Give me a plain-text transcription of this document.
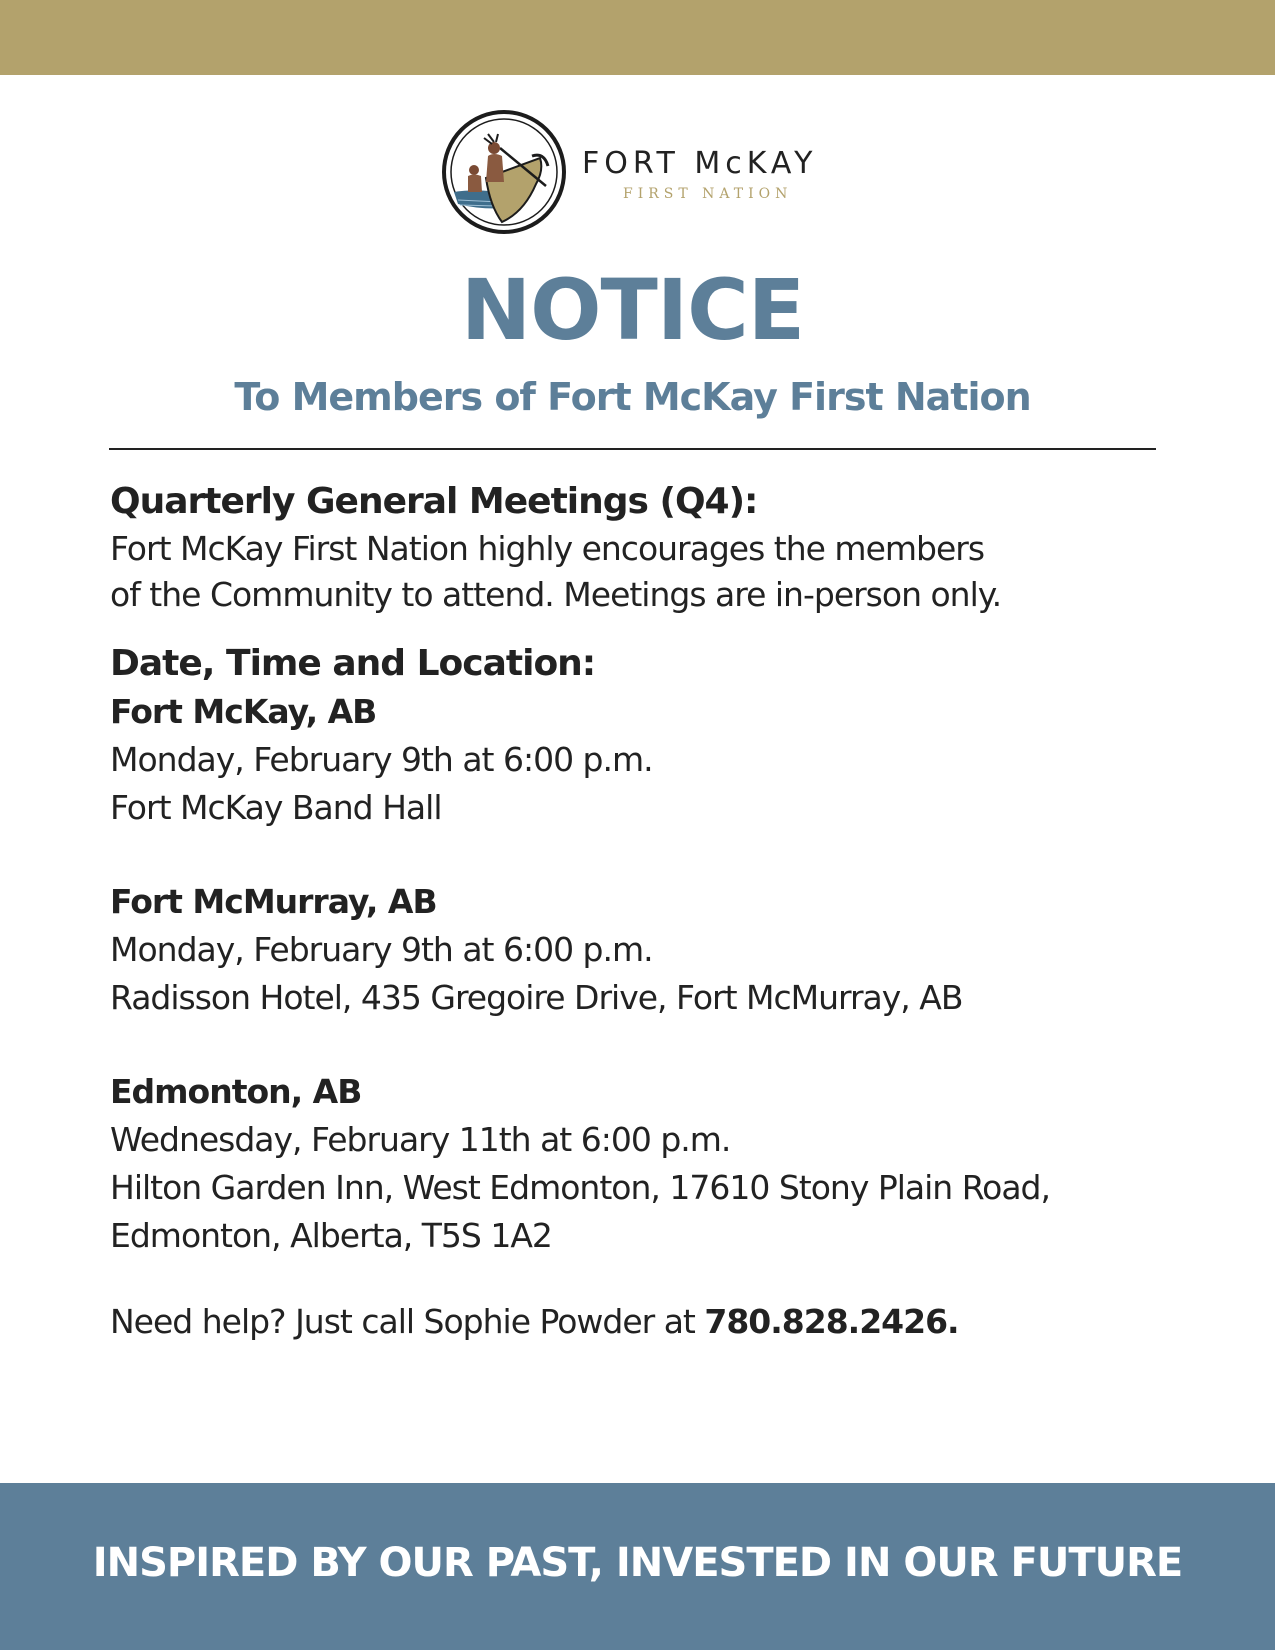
FORT McKAY
FIRST NATION
NOTICE
To Members of Fort McKay First Nation

Quarterly General Meetings (Q4):

Fort McKay First Nation highly encourages the members

of the Community to attend. Meetings are in-person only.

Date, Time and Location:

Fort McKay, AB

Monday, February 9th at 6:00 p.m.

Fort McKay Band Hall

Fort McMurray, AB

Monday, February 9th at 6:00 p.m.

Radisson Hotel, 435 Gregoire Drive, Fort McMurray, AB

Edmonton, AB

Wednesday, February 11th at 6:00 p.m.

Hilton Garden Inn, West Edmonton, 17610 Stony Plain Road,

Edmonton, Alberta, T5S 1A2

Need help? Just call Sophie Powder at 780.828.2426.

INSPIRED BY OUR PAST, INVESTED IN OUR FUTURE
